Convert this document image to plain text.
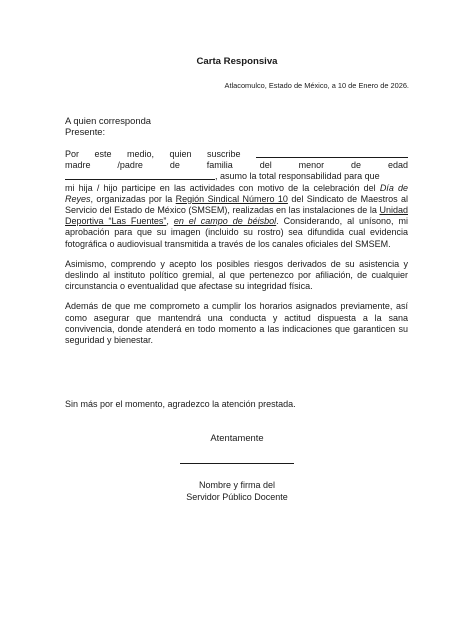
Carta Responsiva
Atlacomulco, Estado de México, a 10 de Enero de 2026.
A quien corresponda
Presente:

Por este medio, quien suscribe
madre	/padre	de	familia	del	menor	de	edad
, asumo la total responsabilidad para que
mi hija / hijo participe en las actividades con motivo de la celebración del Día de Reyes, organizadas por la Región Sindical Número 10 del Sindicato de Maestros al Servicio del Estado de México (SMSEM), realizadas en las instalaciones de la Unidad Deportiva “Las Fuentes”, en el campo de béisbol. Considerando, al unísono, mi aprobación para que su imagen (incluido su rostro) sea difundida cual evidencia fotográfica o audiovisual transmitida a través de los canales oficiales del SMSEM.

Asimismo, comprendo y acepto los posibles riesgos derivados de su asistencia y deslindo al instituto político gremial, al que pertenezco por afiliación, de cualquier circunstancia o eventualidad que afectase su integridad física.

Además de que me comprometo a cumplir los horarios asignados previamente, así como asegurar que mantendrá una conducta y actitud dispuesta a la sana convivencia, donde atenderá en todo momento a las indicaciones que garanticen su seguridad y bienestar.

Sin más por el momento, agradezco la atención prestada.
Atentamente
Nombre y firma del
Servidor Público Docente
